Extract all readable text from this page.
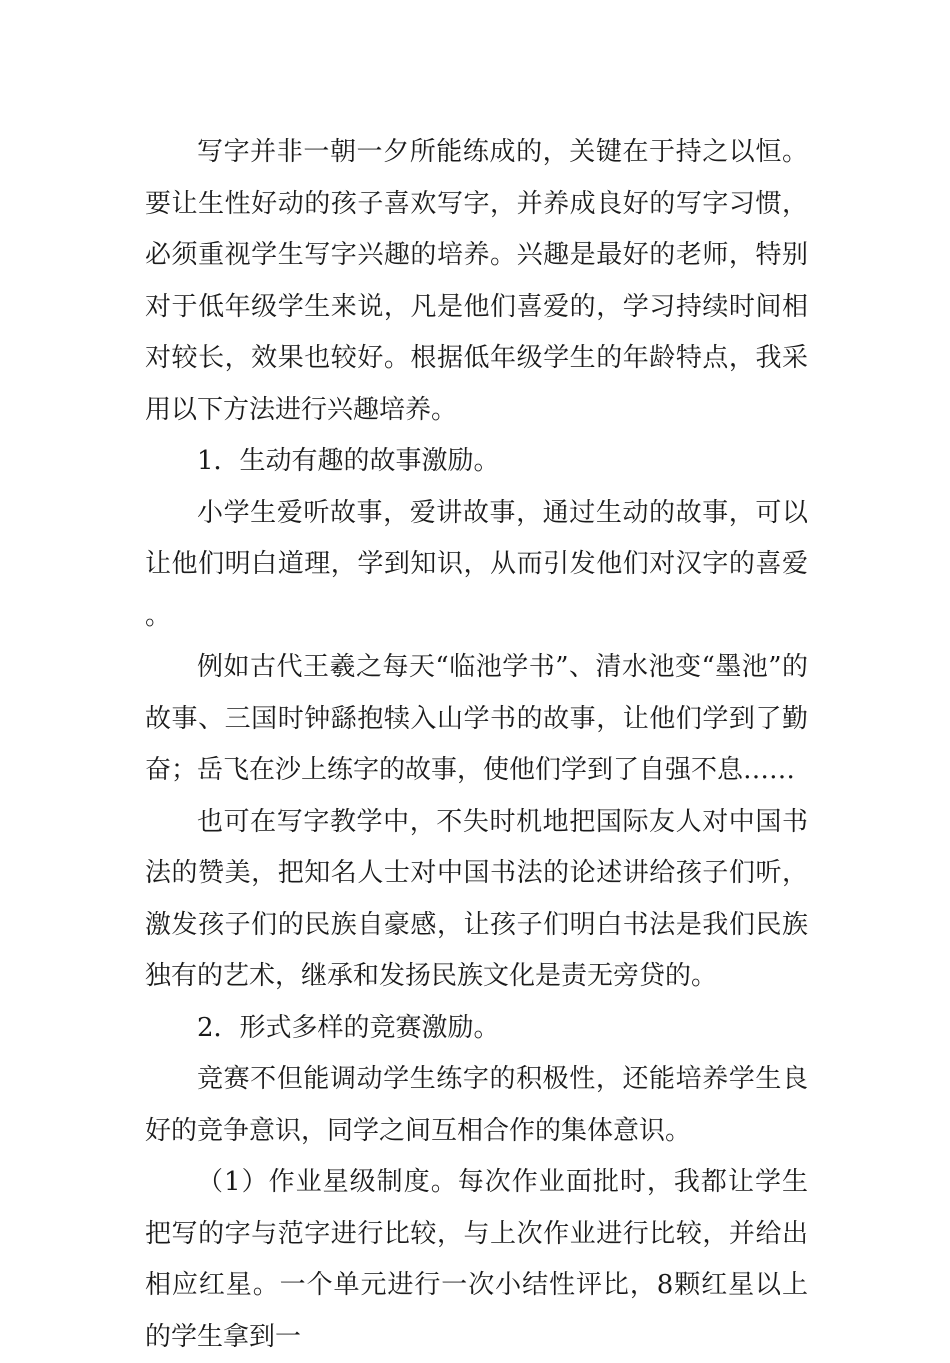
写字并非一朝一夕所能练成的，关键在于持之以恒。要让生性好动的孩子喜欢写字，并养成良好的写字习惯，必须重视学生写字兴趣的培养。兴趣是最好的老师，特别对于低年级学生来说，凡是他们喜爱的，学习持续时间相对较长，效果也较好。根据低年级学生的年龄特点，我采用以下方法进行兴趣培养。

1．生动有趣的故事激励。

小学生爱听故事，爱讲故事，通过生动的故事，可以让他们明白道理，学到知识，从而引发他们对汉字的喜爱。

例如古代王羲之每天“临池学书”、清水池变“墨池”的故事、三国时钟繇抱犊入山学书的故事，让他们学到了勤奋；岳飞在沙上练字的故事，使他们学到了自强不息……

也可在写字教学中，不失时机地把国际友人对中国书法的赞美，把知名人士对中国书法的论述讲给孩子们听，激发孩子们的民族自豪感，让孩子们明白书法是我们民族独有的艺术，继承和发扬民族文化是责无旁贷的。

2．形式多样的竞赛激励。

竞赛不但能调动学生练字的积极性，还能培养学生良好的竞争意识，同学之间互相合作的集体意识。

（1）作业星级制度。每次作业面批时，我都让学生把写的字与范字进行比较，与上次作业进行比较，并给出相应红星。一个单元进行一次小结性评比，8颗红星以上的学生拿到一
